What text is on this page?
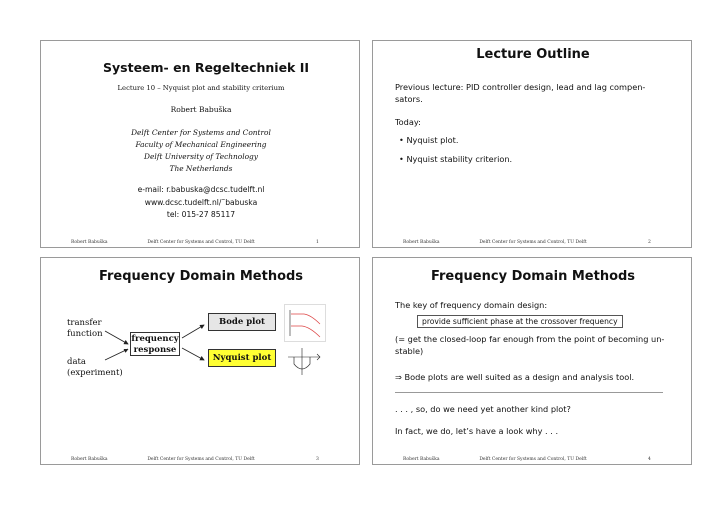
Systeem- en Regeltechniek II
Lecture 10 – Nyquist plot and stability criterium
Robert Babuška
Delft Center for Systems and Control
Faculty of Mechanical Engineering
Delft University of Technology
The Netherlands
e-mail: r.babuska@dcsc.tudelft.nl
www.dcsc.tudelft.nl/˜babuska
tel: 015-27 85117
Robert Babuška	Delft Center for Systems and Control, TU Delft	1
Lecture Outline
Previous lecture: PID controller design, lead and lag compen-
sators.
Today:
• Nyquist plot.
• Nyquist stability criterion.
Robert Babuška	Delft Center for Systems and Control, TU Delft	2
Frequency Domain Methods
transfer
function
data
(experiment)
frequency
response
Bode plot
Nyquist plot
Robert Babuška	Delft Center for Systems and Control, TU Delft	3
Frequency Domain Methods
The key of frequency domain design:
provide sufficient phase at the crossover frequency
(= get the closed-loop far enough from the point of becoming un-
stable)
⇒ Bode plots are well suited as a design and analysis tool.
. . . , so, do we need yet another kind plot?
In fact, we do, let’s have a look why . . .
Robert Babuška	Delft Center for Systems and Control, TU Delft	4
